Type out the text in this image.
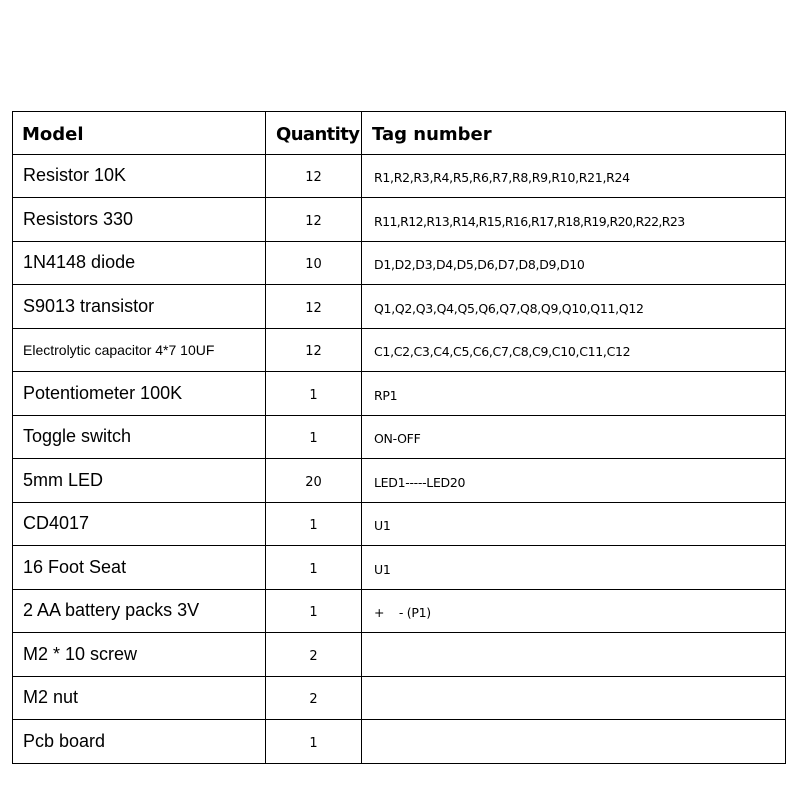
Model	Quantity	Tag number
Resistor 10K	12	R1,R2,R3,R4,R5,R6,R7,R8,R9,R10,R21,R24
Resistors 330	12	R11,R12,R13,R14,R15,R16,R17,R18,R19,R20,R22,R23
1N4148 diode	10	D1,D2,D3,D4,D5,D6,D7,D8,D9,D10
S9013 transistor	12	Q1,Q2,Q3,Q4,Q5,Q6,Q7,Q8,Q9,Q10,Q11,Q12
Electrolytic capacitor 4*7 10UF	12	C1,C2,C3,C4,C5,C6,C7,C8,C9,C10,C11,C12
Potentiometer 100K	1	RP1
Toggle switch	1	ON-OFF
5mm LED	20	LED1-----LED20
CD4017	1	U1
16 Foot Seat	1	U1
2 AA battery packs 3V	1	+    - (P1)
M2 * 10 screw	2	
M2 nut	2	
Pcb board	1	
